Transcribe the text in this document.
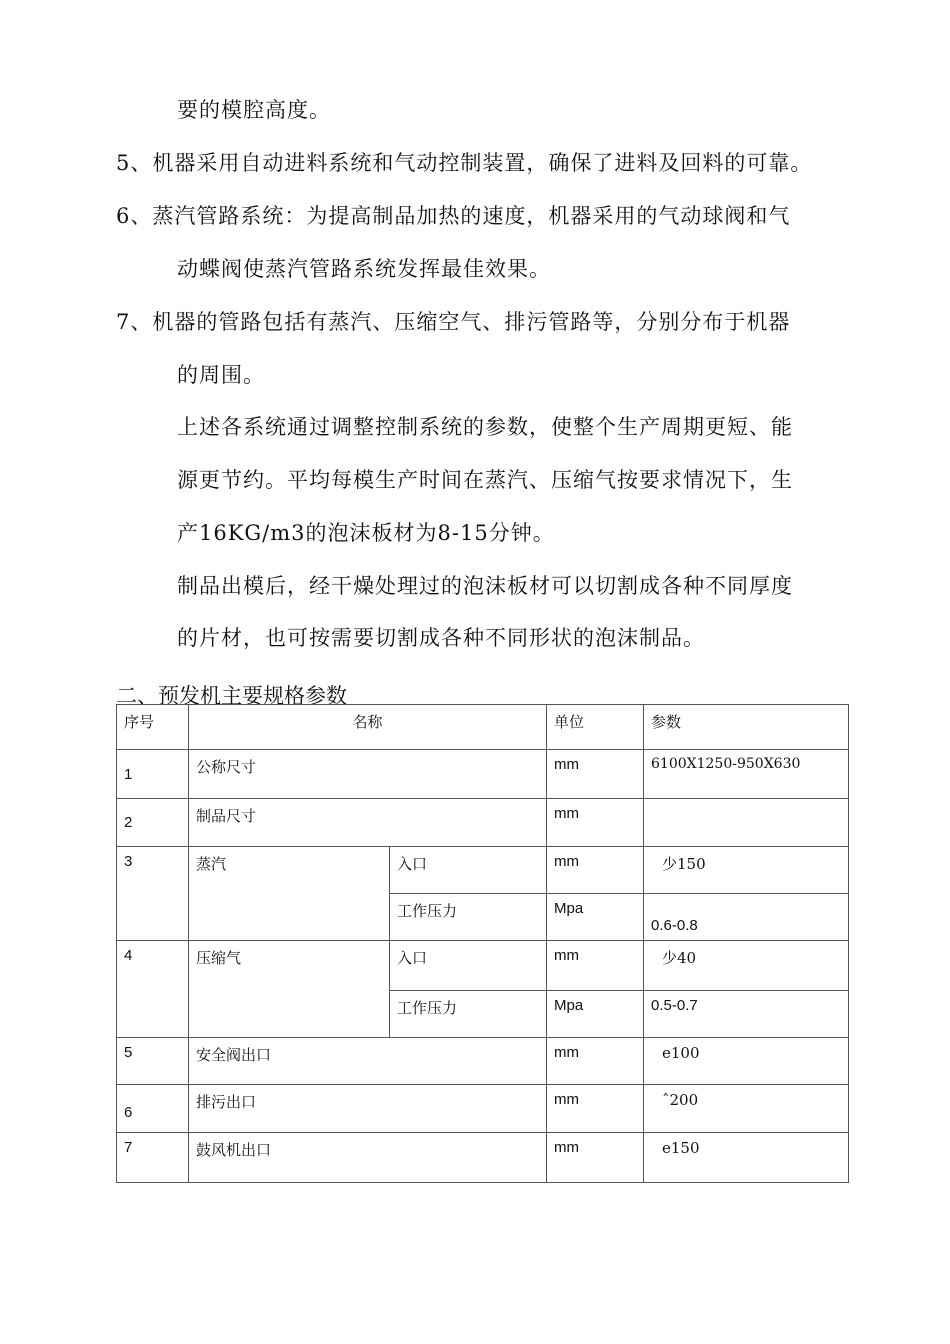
要的模腔高度。
5、机器采用自动进料系统和气动控制装置，确保了进料及回料的可靠。
6、蒸汽管路系统：为提高制品加热的速度，机器采用的气动球阀和气
动蝶阀使蒸汽管路系统发挥最佳效果。
7、机器的管路包括有蒸汽、压缩空气、排污管路等，分别分布于机器
的周围。
上述各系统通过调整控制系统的参数，使整个生产周期更短、能
源更节约。平均每模生产时间在蒸汽、压缩气按要求情况下，生
产16KG/m3的泡沫板材为8-15分钟。
制品出模后，经干燥处理过的泡沫板材可以切割成各种不同厚度
的片材，也可按需要切割成各种不同形状的泡沫制品。
二、预发机主要规格参数
序号	名称		单位	参数
1	公称尺寸		mm	6100X1250-950X630
2	制品尺寸		mm	
3	蒸汽	入口	mm	少150
		工作压力	Mpa	0.6-0.8
4	压缩气	入口	mm	少40
		工作压力	Mpa	0.5-0.7
5	安全阀出口		mm	e100
6	排污出口		mm	ˆ200
7	鼓风机出口		mm	e150
